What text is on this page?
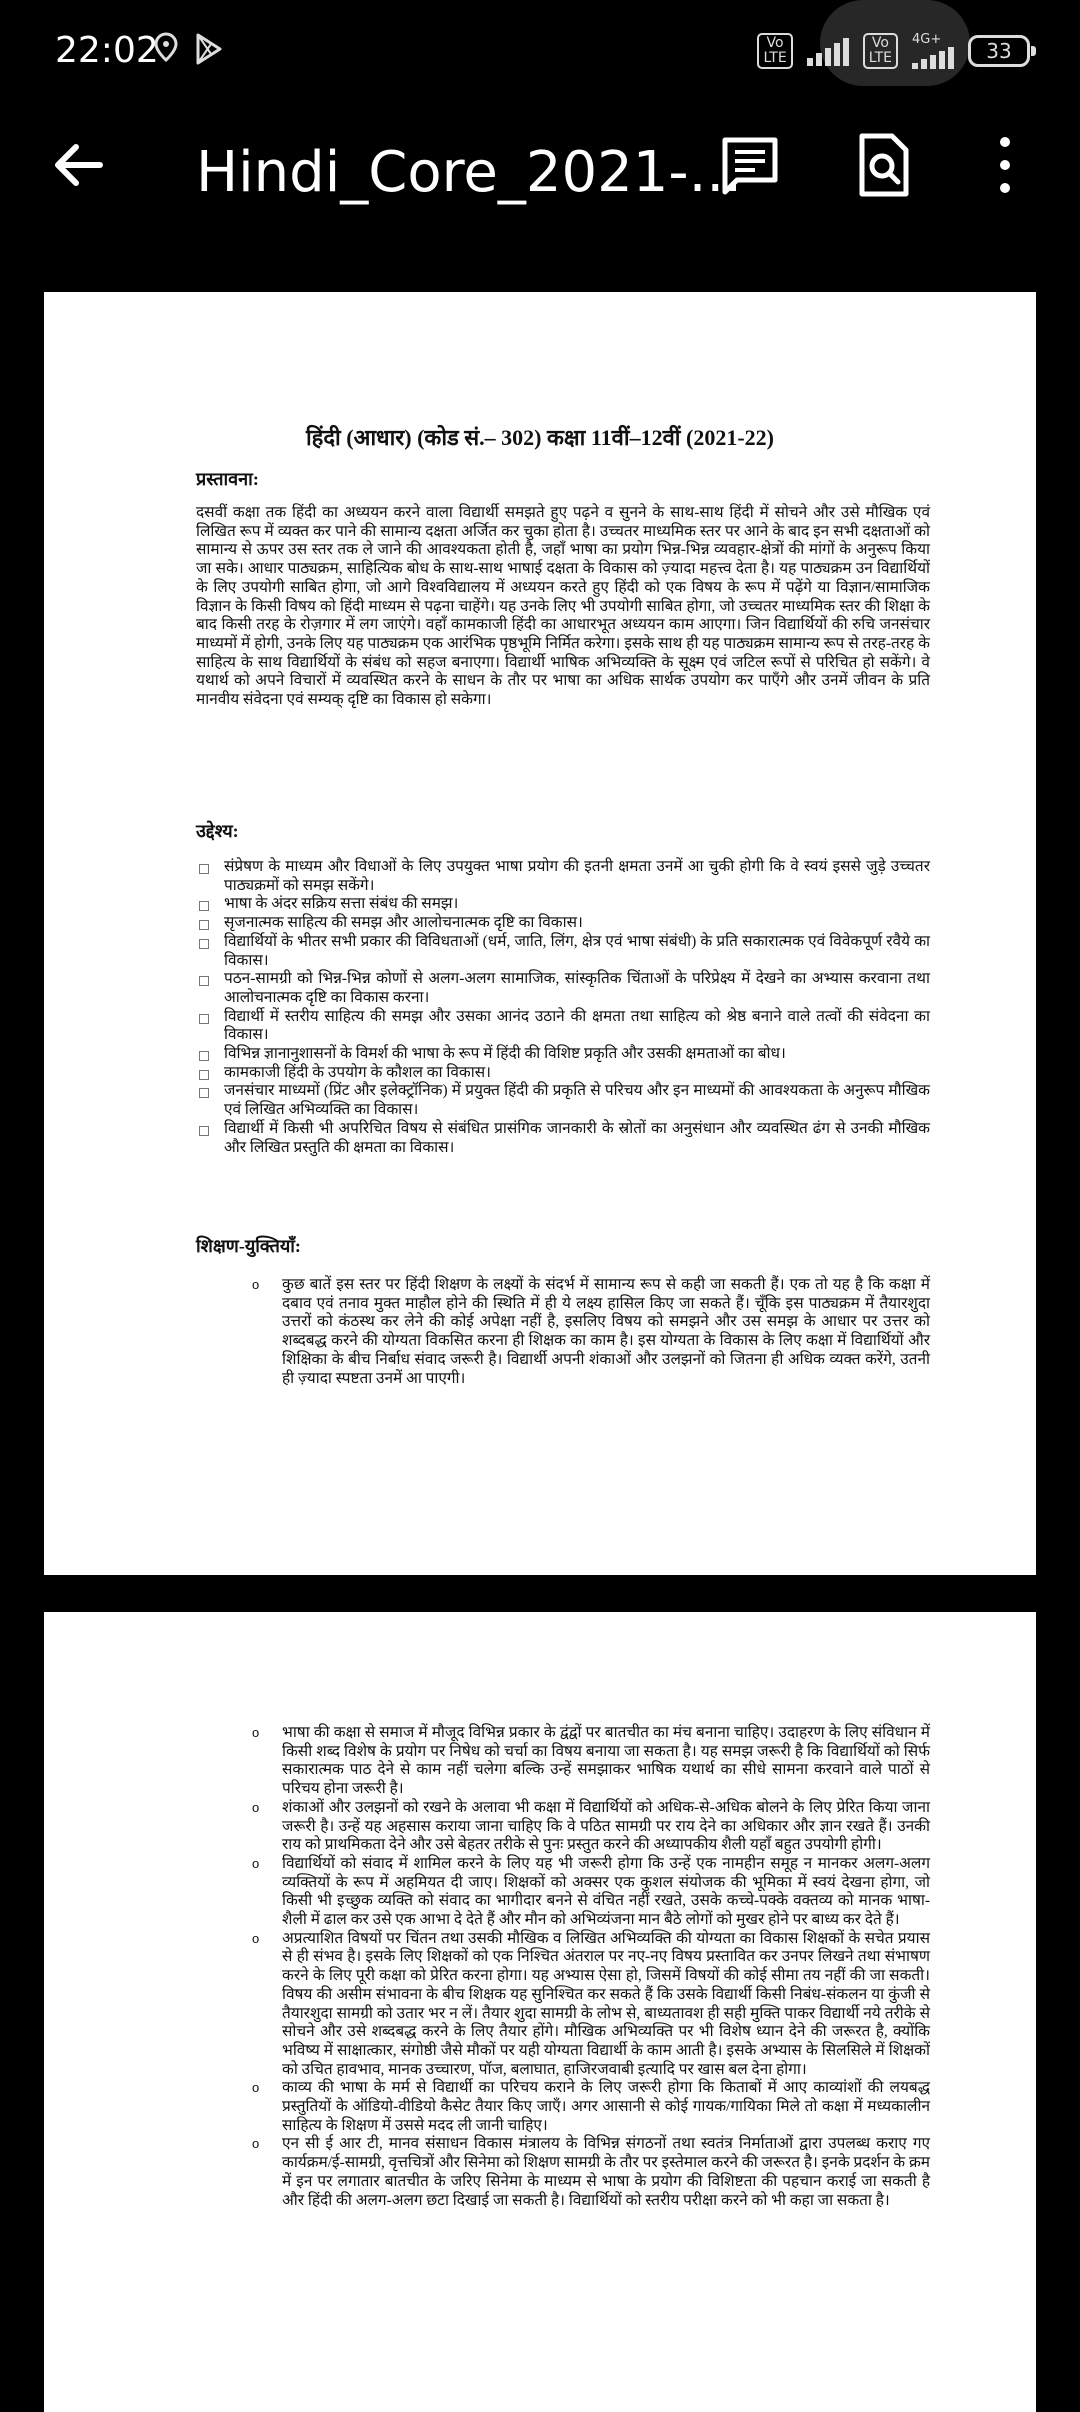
22:02	Vo
LTE
Vo
LTE
4G+ 33
Hindi_Core_2021-...
हिंदी (आधार) (कोड सं.– 302) कक्षा 11वीं–12वीं (2021-22)
प्रस्तावना:
दसवीं कक्षा तक हिंदी का अध्ययन करने वाला विद्यार्थी समझते हुए पढ़ने व सुनने के साथ-साथ हिंदी में सोचने और उसे मौखिक एवं लिखित रूप में व्यक्त कर पाने की सामान्य दक्षता अर्जित कर चुका होता है। उच्चतर माध्यमिक स्तर पर आने के बाद इन सभी दक्षताओं को सामान्य से ऊपर उस स्तर तक ले जाने की आवश्यकता होती है, जहाँ भाषा का प्रयोग भिन्न-भिन्न व्यवहार-क्षेत्रों की मांगों के अनुरूप किया जा सके। आधार पाठ्यक्रम, साहित्यिक बोध के साथ-साथ भाषाई दक्षता के विकास को ज़्यादा महत्त्व देता है। यह पाठ्यक्रम उन विद्यार्थियों के लिए उपयोगी साबित होगा, जो आगे विश्वविद्यालय में अध्ययन करते हुए हिंदी को एक विषय के रूप में पढ़ेंगे या विज्ञान/सामाजिक विज्ञान के किसी विषय को हिंदी माध्यम से पढ़ना चाहेंगे। यह उनके लिए भी उपयोगी साबित होगा, जो उच्चतर माध्यमिक स्तर की शिक्षा के बाद किसी तरह के रोज़गार में लग जाएंगे। वहाँ कामकाजी हिंदी का आधारभूत अध्ययन काम आएगा। जिन विद्यार्थियों की रुचि जनसंचार माध्यमों में होगी, उनके लिए यह पाठ्यक्रम एक आरंभिक पृष्ठभूमि निर्मित करेगा। इसके साथ ही यह पाठ्यक्रम सामान्य रूप से तरह-तरह के साहित्य के साथ विद्यार्थियों के संबंध को सहज बनाएगा। विद्यार्थी भाषिक अभिव्यक्ति के सूक्ष्म एवं जटिल रूपों से परिचित हो सकेंगे। वे यथार्थ को अपने विचारों में व्यवस्थित करने के साधन के तौर पर भाषा का अधिक सार्थक उपयोग कर पाएँगे और उनमें जीवन के प्रति मानवीय संवेदना एवं सम्यक् दृष्टि का विकास हो सकेगा।
उद्देश्य:
संप्रेषण के माध्यम और विधाओं के लिए उपयुक्त भाषा प्रयोग की इतनी क्षमता उनमें आ चुकी होगी कि वे स्वयं इससे जुड़े उच्चतर पाठ्यक्रमों को समझ सकेंगे।
भाषा के अंदर सक्रिय सत्ता संबंध की समझ।
सृजनात्मक साहित्य की समझ और आलोचनात्मक दृष्टि का विकास।
विद्यार्थियों के भीतर सभी प्रकार की विविधताओं (धर्म, जाति, लिंग, क्षेत्र एवं भाषा संबंधी) के प्रति सकारात्मक एवं विवेकपूर्ण रवैये का विकास।
पठन-सामग्री को भिन्न-भिन्न कोणों से अलग-अलग सामाजिक, सांस्कृतिक चिंताओं के परिप्रेक्ष्य में देखने का अभ्यास करवाना तथा आलोचनात्मक दृष्टि का विकास करना।
विद्यार्थी में स्तरीय साहित्य की समझ और उसका आनंद उठाने की क्षमता तथा साहित्य को श्रेष्ठ बनाने वाले तत्वों की संवेदना का विकास।
विभिन्न ज्ञानानुशासनों के विमर्श की भाषा के रूप में हिंदी की विशिष्ट प्रकृति और उसकी क्षमताओं का बोध।
कामकाजी हिंदी के उपयोग के कौशल का विकास।
जनसंचार माध्यमों (प्रिंट और इलेक्ट्रॉनिक) में प्रयुक्त हिंदी की प्रकृति से परिचय और इन माध्यमों की आवश्यकता के अनुरूप मौखिक एवं लिखित अभिव्यक्ति का विकास।
विद्यार्थी में किसी भी अपरिचित विषय से संबंधित प्रासंगिक जानकारी के स्रोतों का अनुसंधान और व्यवस्थित ढंग से उनकी मौखिक और लिखित प्रस्तुति की क्षमता का विकास।
शिक्षण-युक्तियाँ:
o कुछ बातें इस स्तर पर हिंदी शिक्षण के लक्ष्यों के संदर्भ में सामान्य रूप से कही जा सकती हैं। एक तो यह है कि कक्षा में दबाव एवं तनाव मुक्त माहौल होने की स्थिति में ही ये लक्ष्य हासिल किए जा सकते हैं। चूँकि इस पाठ्यक्रम में तैयारशुदा उत्तरों को कंठस्थ कर लेने की कोई अपेक्षा नहीं है, इसलिए विषय को समझने और उस समझ के आधार पर उत्तर को शब्दबद्ध करने की योग्यता विकसित करना ही शिक्षक का काम है। इस योग्यता के विकास के लिए कक्षा में विद्यार्थियों और शिक्षिका के बीच निर्बाध संवाद जरूरी है। विद्यार्थी अपनी शंकाओं और उलझनों को जितना ही अधिक व्यक्त करेंगे, उतनी ही ज़्यादा स्पष्टता उनमें आ पाएगी।
o भाषा की कक्षा से समाज में मौजूद विभिन्न प्रकार के द्वंद्वों पर बातचीत का मंच बनाना चाहिए। उदाहरण के लिए संविधान में किसी शब्द विशेष के प्रयोग पर निषेध को चर्चा का विषय बनाया जा सकता है। यह समझ जरूरी है कि विद्यार्थियों को सिर्फ सकारात्मक पाठ देने से काम नहीं चलेगा बल्कि उन्हें समझाकर भाषिक यथार्थ का सीधे सामना करवाने वाले पाठों से परिचय होना जरूरी है।
o शंकाओं और उलझनों को रखने के अलावा भी कक्षा में विद्यार्थियों को अधिक-से-अधिक बोलने के लिए प्रेरित किया जाना जरूरी है। उन्हें यह अहसास कराया जाना चाहिए कि वे पठित सामग्री पर राय देने का अधिकार और ज्ञान रखते हैं। उनकी राय को प्राथमिकता देने और उसे बेहतर तरीके से पुनः प्रस्तुत करने की अध्यापकीय शैली यहाँ बहुत उपयोगी होगी।
o विद्यार्थियों को संवाद में शामिल करने के लिए यह भी जरूरी होगा कि उन्हें एक नामहीन समूह न मानकर अलग-अलग व्यक्तियों के रूप में अहमियत दी जाए। शिक्षकों को अक्सर एक कुशल संयोजक की भूमिका में स्वयं देखना होगा, जो किसी भी इच्छुक व्यक्ति को संवाद का भागीदार बनने से वंचित नहीं रखते, उसके कच्चे-पक्के वक्तव्य को मानक भाषा-शैली में ढाल कर उसे एक आभा दे देते हैं और मौन को अभिव्यंजना मान बैठे लोगों को मुखर होने पर बाध्य कर देते हैं।
o अप्रत्याशित विषयों पर चिंतन तथा उसकी मौखिक व लिखित अभिव्यक्ति की योग्यता का विकास शिक्षकों के सचेत प्रयास से ही संभव है। इसके लिए शिक्षकों को एक निश्चित अंतराल पर नए-नए विषय प्रस्तावित कर उनपर लिखने तथा संभाषण करने के लिए पूरी कक्षा को प्रेरित करना होगा। यह अभ्यास ऐसा हो, जिसमें विषयों की कोई सीमा तय नहीं की जा सकती। विषय की असीम संभावना के बीच शिक्षक यह सुनिश्चित कर सकते हैं कि उसके विद्यार्थी किसी निबंध-संकलन या कुंजी से तैयारशुदा सामग्री को उतार भर न लें। तैयार शुदा सामग्री के लोभ से, बाध्यतावश ही सही मुक्ति पाकर विद्यार्थी नये तरीके से सोचने और उसे शब्दबद्ध करने के लिए तैयार होंगे। मौखिक अभिव्यक्ति पर भी विशेष ध्यान देने की जरूरत है, क्योंकि भविष्य में साक्षात्कार, संगोष्ठी जैसे मौकों पर यही योग्यता विद्यार्थी के काम आती है। इसके अभ्यास के सिलसिले में शिक्षकों को उचित हावभाव, मानक उच्चारण, पॉज, बलाघात, हाजिरजवाबी इत्यादि पर खास बल देना होगा।
o काव्य की भाषा के मर्म से विद्यार्थी का परिचय कराने के लिए जरूरी होगा कि किताबों में आए काव्यांशों की लयबद्ध प्रस्तुतियों के ऑडियो-वीडियो कैसेट तैयार किए जाएँ। अगर आसानी से कोई गायक/गायिका मिले तो कक्षा में मध्यकालीन साहित्य के शिक्षण में उससे मदद ली जानी चाहिए।
o एन सी ई आर टी, मानव संसाधन विकास मंत्रालय के विभिन्न संगठनों तथा स्वतंत्र निर्माताओं द्वारा उपलब्ध कराए गए कार्यक्रम/ई-सामग्री, वृत्तचित्रों और सिनेमा को शिक्षण सामग्री के तौर पर इस्तेमाल करने की जरूरत है। इनके प्रदर्शन के क्रम में इन पर लगातार बातचीत के जरिए सिनेमा के माध्यम से भाषा के प्रयोग की विशिष्टता की पहचान कराई जा सकती है और हिंदी की अलग-अलग छटा दिखाई जा सकती है। विद्यार्थियों को स्तरीय परीक्षा करने को भी कहा जा सकता है।
